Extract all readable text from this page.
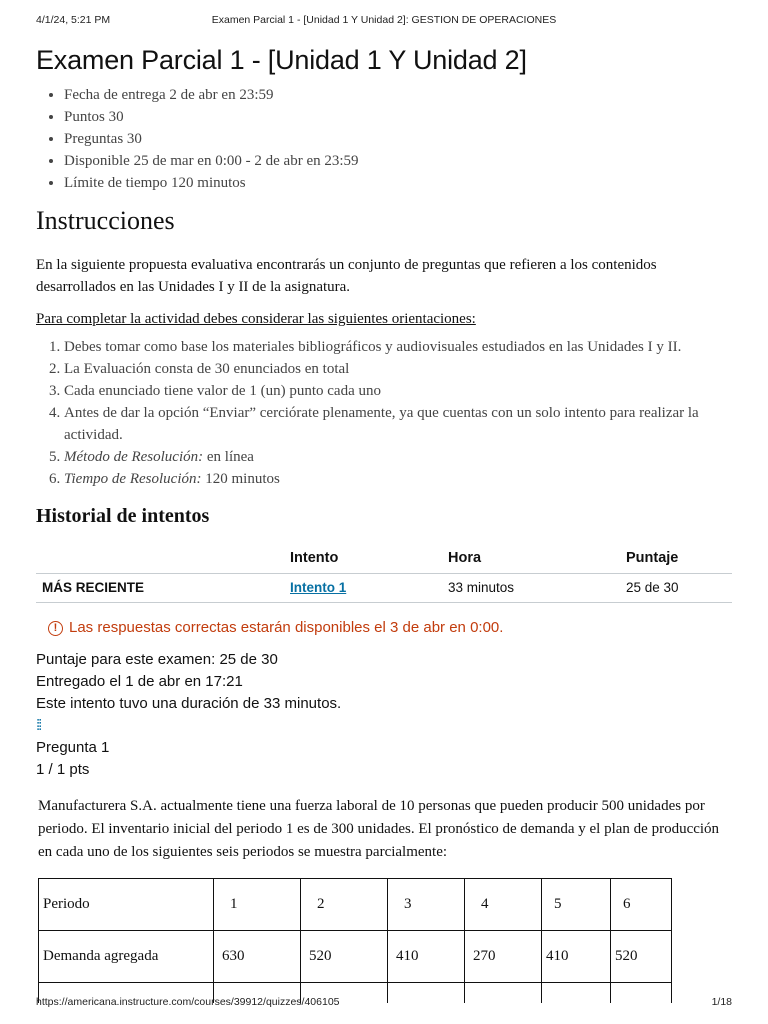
4/1/24, 5:21 PM	Examen Parcial 1 - [Unidad 1 Y Unidad 2]: GESTION DE OPERACIONES
Examen Parcial 1 - [Unidad 1 Y Unidad 2]
• Fecha de entrega 2 de abr en 23:59
• Puntos 30
• Preguntas 30
• Disponible 25 de mar en 0:00 - 2 de abr en 23:59
• Límite de tiempo 120 minutos
Instrucciones

En la siguiente propuesta evaluativa encontrarás un conjunto de preguntas que refieren a los contenidos desarrollados en las Unidades I y II de la asignatura.

Para completar la actividad debes considerar las siguientes orientaciones:

1. Debes tomar como base los materiales bibliográficos y audiovisuales estudiados en las Unidades I y II.
2. La Evaluación consta de 30 enunciados en total
3. Cada enunciado tiene valor de 1 (un) punto cada uno
4. Antes de dar la opción “Enviar” cerciórate plenamente, ya que cuentas con un solo intento para realizar la actividad.
5. Método de Resolución: en línea
6. Tiempo de Resolución: 120 minutos
Historial de intentos
	Intento	Hora	Puntaje
MÁS RECIENTE	Intento 1	33 minutos	25 de 30
! Las respuestas correctas estarán disponibles el 3 de abr en 0:00.
Puntaje para este examen: 25 de 30
Entregado el 1 de abr en 17:21
Este intento tuvo una duración de 33 minutos.
⁞⁞
Pregunta 1
1 / 1 pts
Manufacturera S.A. actualmente tiene una fuerza laboral de 10 personas que pueden producir 500 unidades por periodo. El inventario inicial del periodo 1 es de 300 unidades. El pronóstico de demanda y el plan de producción en cada uno de los siguientes seis periodos se muestra parcialmente:
Periodo	1	2	3	4	5	6
Demanda agregada	630	520	410	270	410	520

https://americana.instructure.com/courses/39912/quizzes/406105	1/18
